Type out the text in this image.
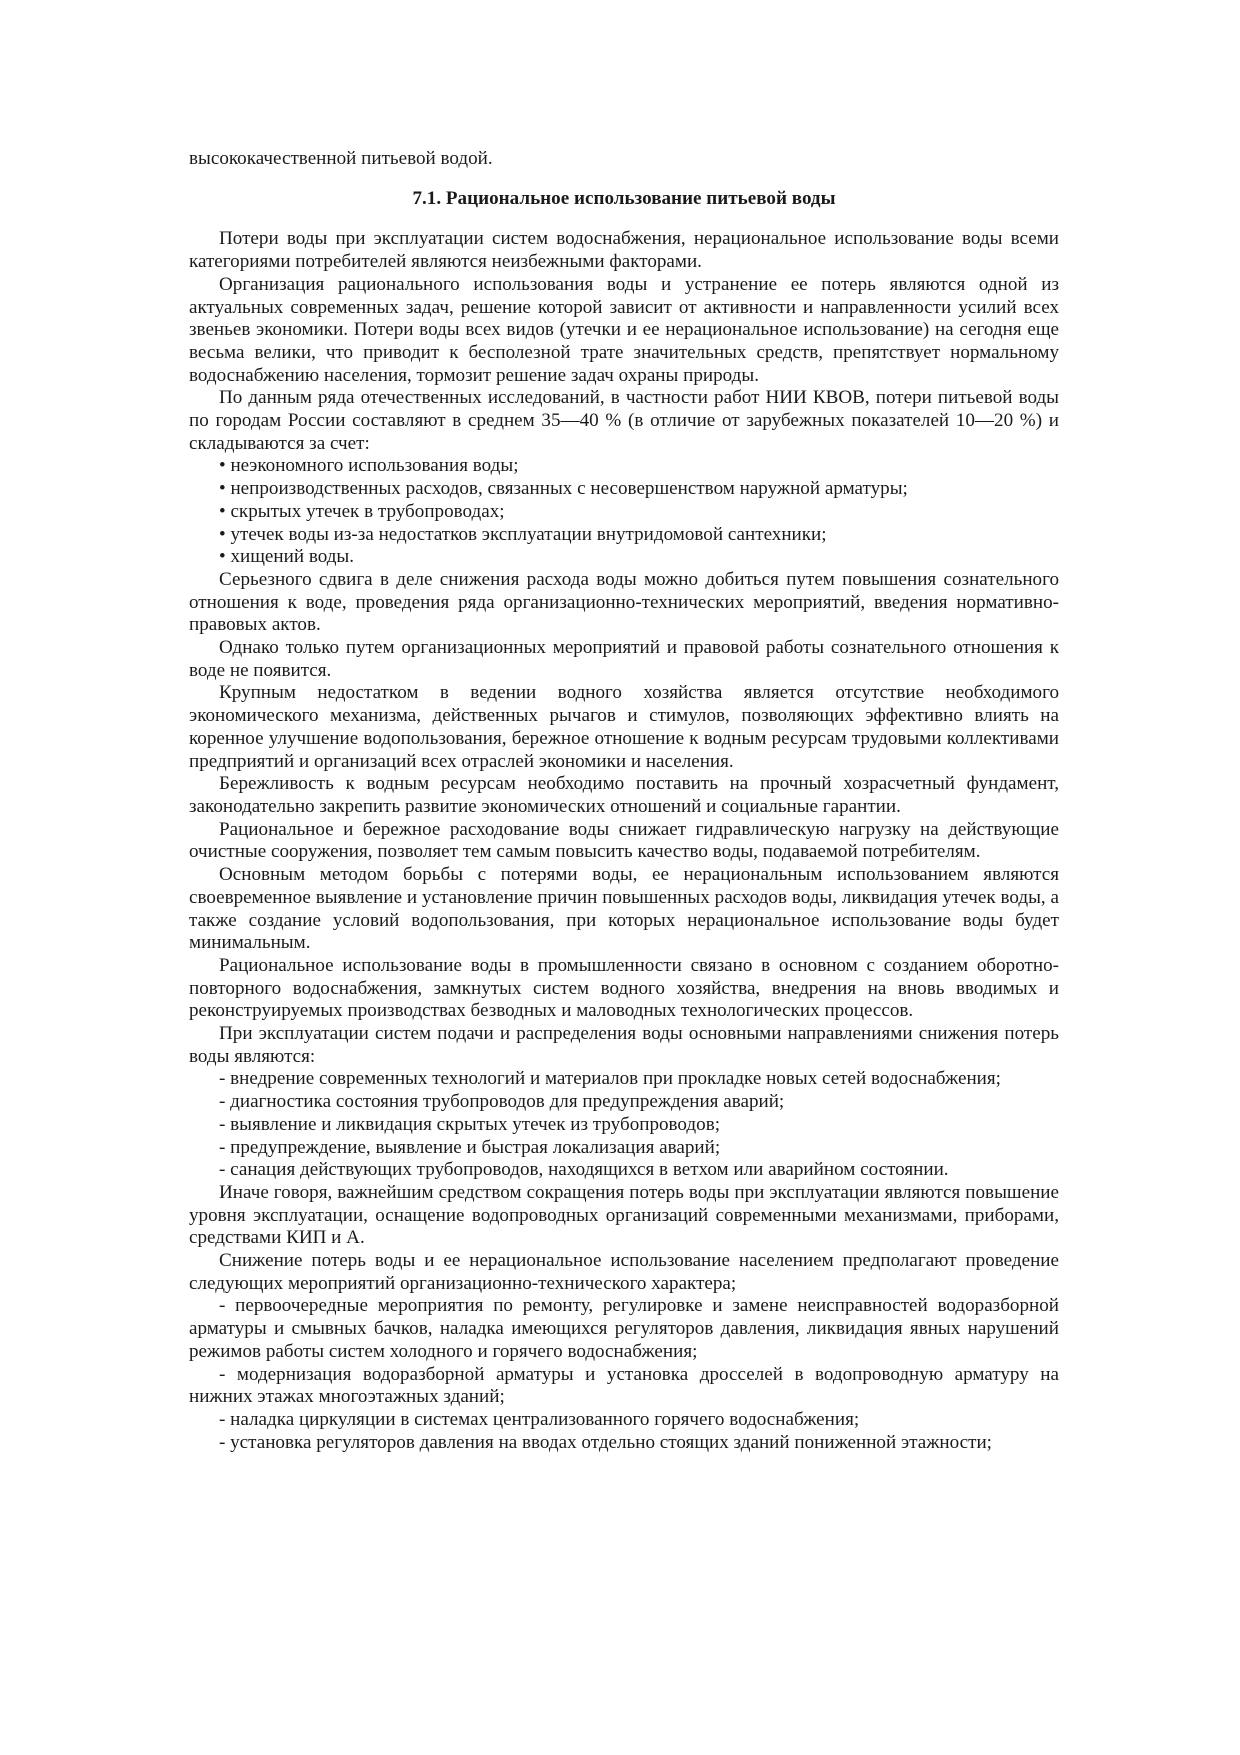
высококачественной питьевой водой.

7.1. Рациональное использование питьевой воды

Потери воды при эксплуатации систем водоснабжения, нерациональное использование воды всеми категориями потребителей являются неизбежными факторами.

Организация рационального использования воды и устранение ее потерь являются одной из актуальных современных задач, решение которой зависит от активности и направленности усилий всех звеньев экономики. Потери воды всех видов (утечки и ее нерациональное использование) на сегодня еще весьма велики, что приводит к бесполезной трате значительных средств, препятствует нормальному водоснабжению населения, тормозит решение задач охраны природы.

По данным ряда отечественных исследований, в частности работ НИИ КВОВ, потери питьевой воды по городам России составляют в среднем 35—40 % (в отличие от зарубежных показателей 10—20 %) и складываются за счет:

• неэкономного использования воды;

• непроизводственных расходов, связанных с несовершенством наружной арматуры;

• скрытых утечек в трубопроводах;

• утечек воды из-за недостатков эксплуатации внутридомовой сантехники;

• хищений воды.

Серьезного сдвига в деле снижения расхода воды можно добиться путем повышения сознательного отношения к воде, проведения ряда организационно-технических мероприятий, введения нормативно-правовых актов.

Однако только путем организационных мероприятий и правовой работы сознательного отношения к воде не появится.

Крупным недостатком в ведении водного хозяйства является отсутствие необходимого экономического механизма, действенных рычагов и стимулов, позволяющих эффективно влиять на коренное улучшение водопользования, бережное отношение к водным ресурсам трудовыми коллективами предприятий и организаций всех отраслей экономики и населения.

Бережливость к водным ресурсам необходимо поставить на прочный хозрасчетный фундамент, законодательно закрепить развитие экономических отношений и социальные гарантии.

Рациональное и бережное расходование воды снижает гидравлическую нагрузку на действующие очистные сооружения, позволяет тем самым повысить качество воды, подаваемой потребителям.

Основным методом борьбы с потерями воды, ее нерациональным использованием являются своевременное выявление и установление причин повышенных расходов воды, ликвидация утечек воды, а также создание условий водопользования, при которых нерациональное использование воды будет минимальным.

Рациональное использование воды в промышленности связано в основном с созданием оборотно-повторного водоснабжения, замкнутых систем водного хозяйства, внедрения на вновь вводимых и реконструируемых производствах безводных и маловодных технологических процессов.

При эксплуатации систем подачи и распределения воды основными направлениями снижения потерь воды являются:

- внедрение современных технологий и материалов при прокладке новых сетей водоснабжения;

- диагностика состояния трубопроводов для предупреждения аварий;

- выявление и ликвидация скрытых утечек из трубопроводов;

- предупреждение, выявление и быстрая локализация аварий;

- санация действующих трубопроводов, находящихся в ветхом или аварийном состоянии.

Иначе говоря, важнейшим средством сокращения потерь воды при эксплуатации являются повышение уровня эксплуатации, оснащение водопроводных организаций современными механизмами, приборами, средствами КИП и А.

Снижение потерь воды и ее нерациональное использование населением предполагают проведение следующих мероприятий организационно-технического характера;

- первоочередные мероприятия по ремонту, регулировке и замене неисправностей водоразборной арматуры и смывных бачков, наладка имеющихся регуляторов давления, ликвидация явных нарушений режимов работы систем холодного и горячего водоснабжения;

- модернизация водоразборной арматуры и установка дросселей в водопроводную арматуру на нижних этажах многоэтажных зданий;

- наладка циркуляции в системах централизованного горячего водоснабжения;

- установка регуляторов давления на вводах отдельно стоящих зданий пониженной этажности;
